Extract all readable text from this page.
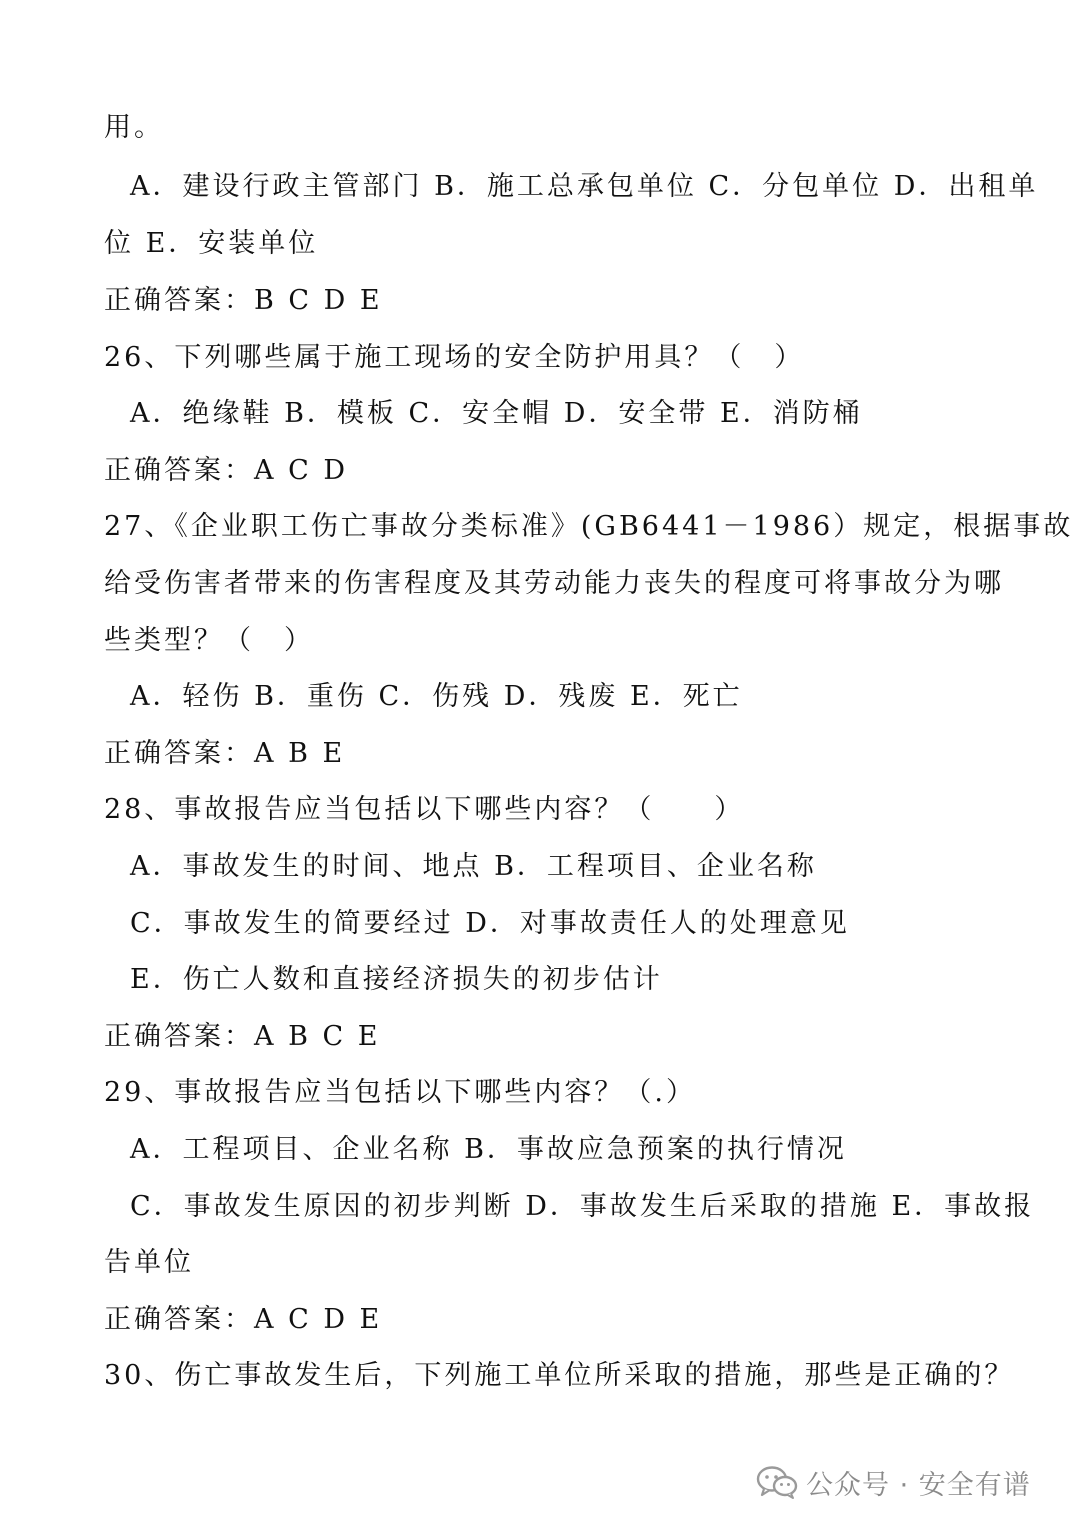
用。
A．建设行政主管部门 B．施工总承包单位 C．分包单位 D．出租单
位 E．安装单位
正确答案：B C D E
26、下列哪些属于施工现场的安全防护用具？（　）
A．绝缘鞋 B．模板 C．安全帽 D．安全带 E．消防桶
正确答案：A C D
27、《企业职工伤亡事故分类标准》(GB6441－1986）规定，根据事故
给受伤害者带来的伤害程度及其劳动能力丧失的程度可将事故分为哪
些类型？（　）
A．轻伤 B．重伤 C．伤残 D．残废 E．死亡
正确答案：A B E
28、事故报告应当包括以下哪些内容？（　　）
A．事故发生的时间、地点 B．工程项目、企业名称
C．事故发生的简要经过 D．对事故责任人的处理意见
E．伤亡人数和直接经济损失的初步估计
正确答案：A B C E
29、事故报告应当包括以下哪些内容？（.）
A．工程项目、企业名称 B．事故应急预案的执行情况
C．事故发生原因的初步判断 D．事故发生后采取的措施 E．事故报
告单位
正确答案：A C D E
30、伤亡事故发生后，下列施工单位所采取的措施，那些是正确的？
公众号 · 安全有谱
